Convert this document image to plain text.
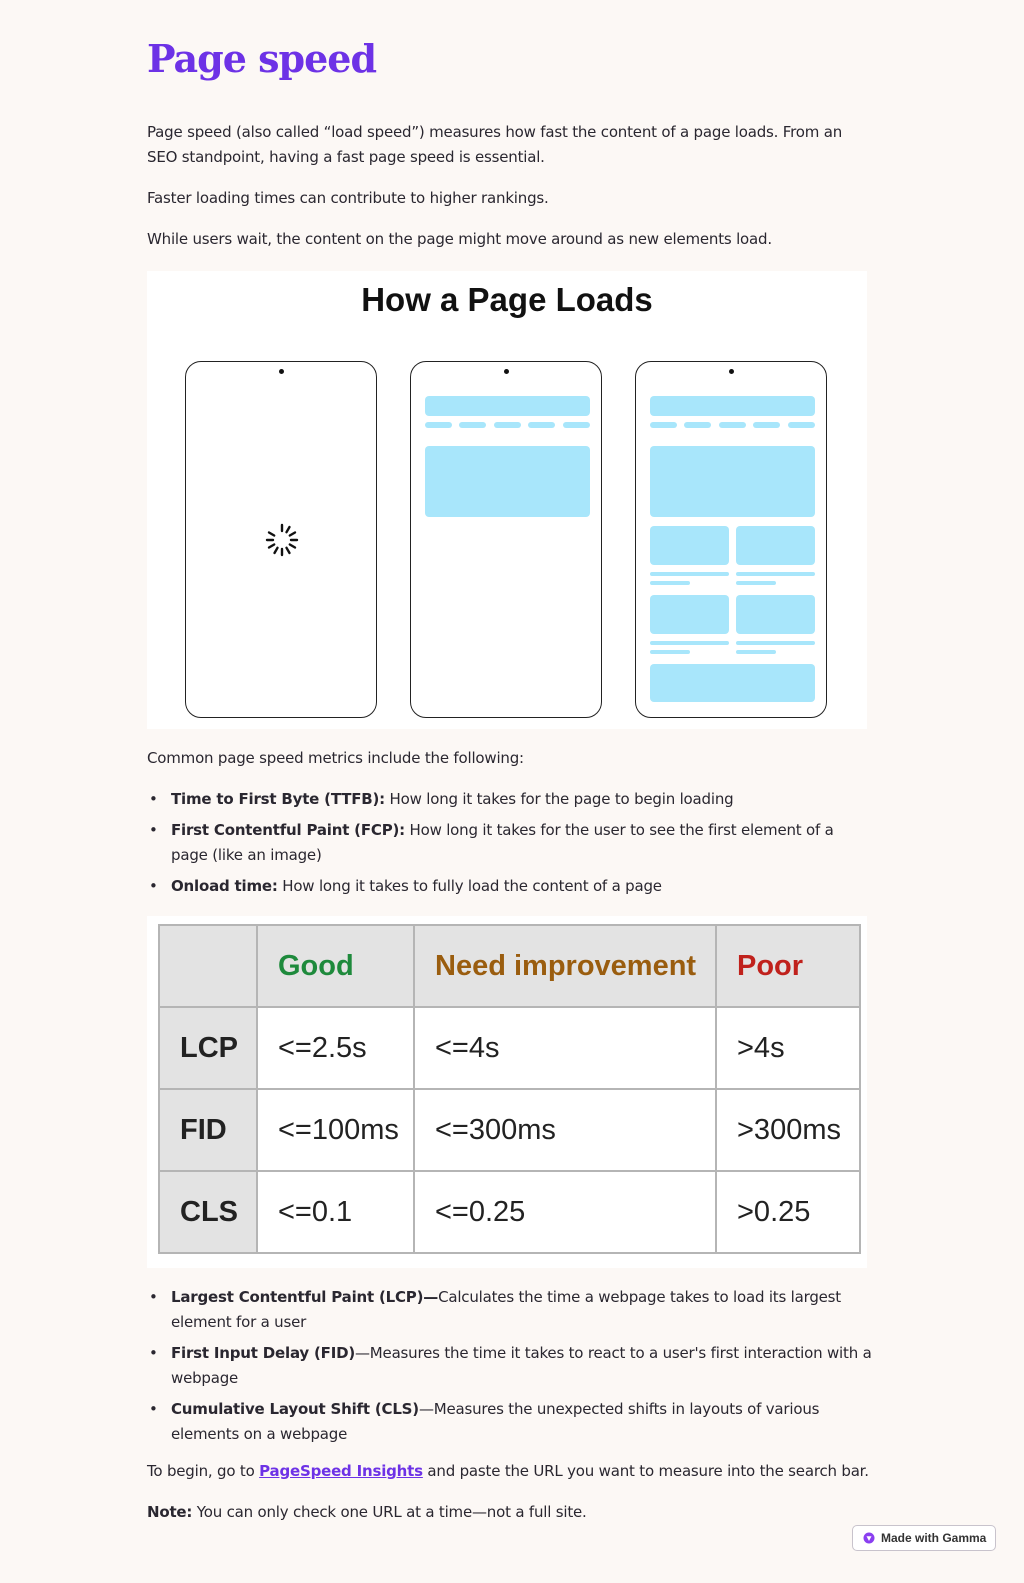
Page speed
Page speed (also called “load speed”) measures how fast the content of a page loads. From an SEO standpoint, having a fast page speed is essential.
Faster loading times can contribute to higher rankings.
While users wait, the content on the page might move around as new elements load.
How a Page Loads
Common page speed metrics include the following:
• Time to First Byte (TTFB): How long it takes for the page to begin loading
• First Contentful Paint (FCP): How long it takes for the user to see the first element of a page (like an image)
• Onload time: How long it takes to fully load the content of a page
	Good	Need improvement	Poor
LCP	<=2.5s	<=4s	>4s
FID	<=100ms	<=300ms	>300ms
CLS	<=0.1	<=0.25	>0.25
• Largest Contentful Paint (LCP)—Calculates the time a webpage takes to load its largest element for a user
• First Input Delay (FID)—Measures the time it takes to react to a user's first interaction with a webpage
• Cumulative Layout Shift (CLS)—Measures the unexpected shifts in layouts of various elements on a webpage
To begin, go to PageSpeed Insights and paste the URL you want to measure into the search bar.
Note: You can only check one URL at a time—not a full site.
Made with Gamma
